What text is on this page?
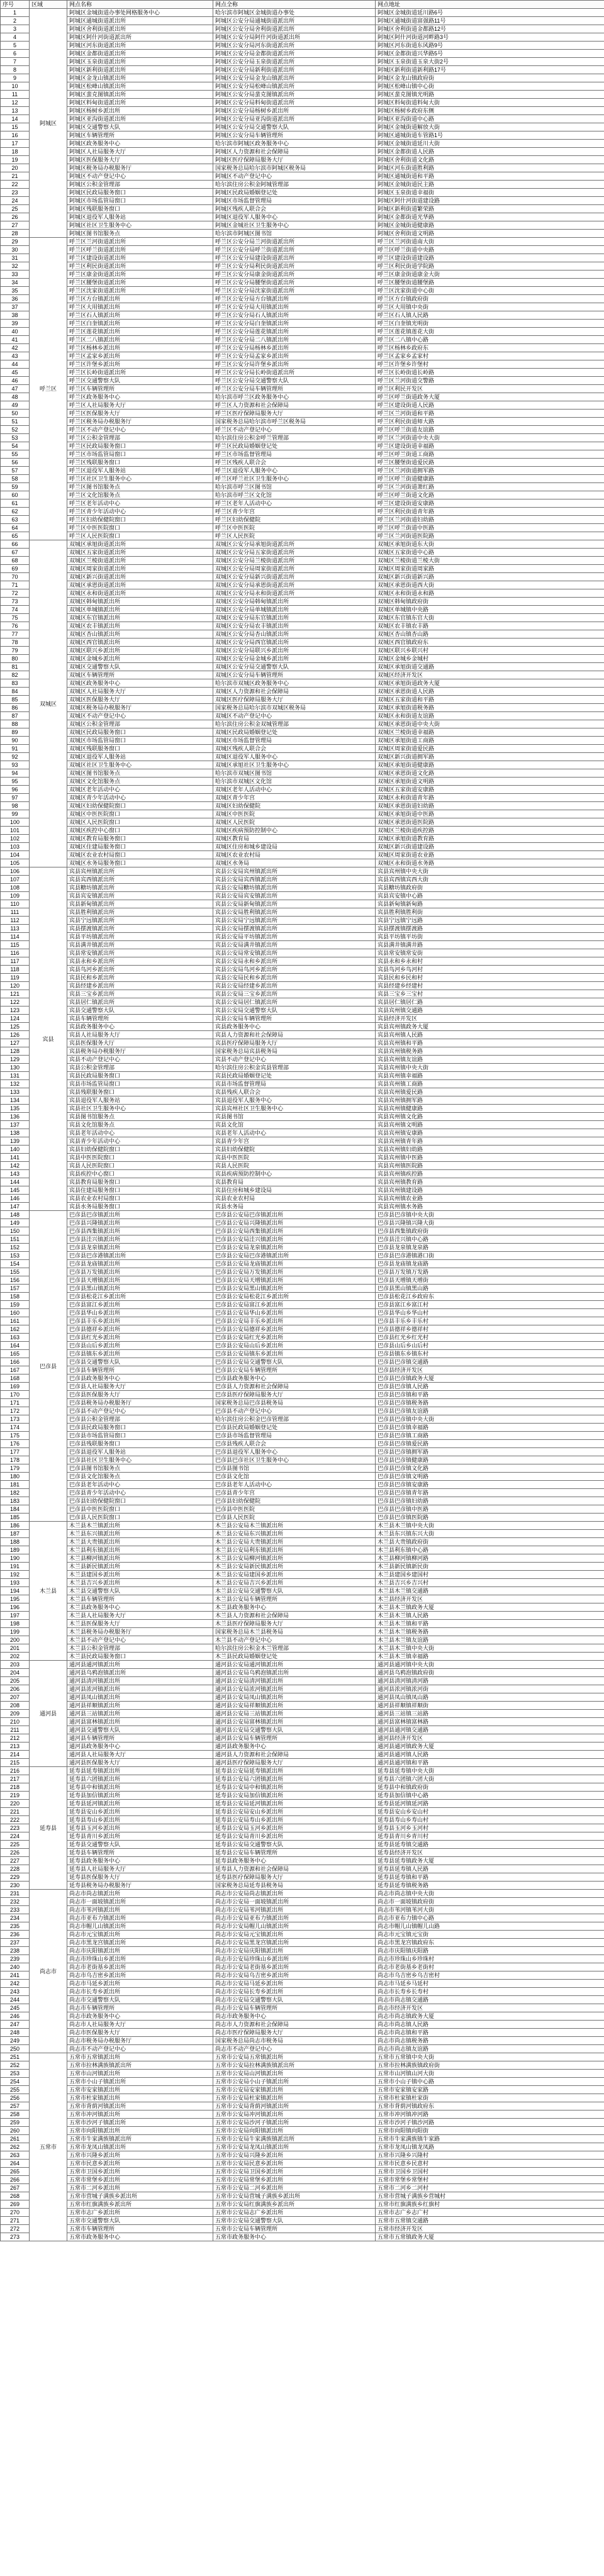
序号	区域	网点名称	网点全称	网点地址
1	阿城区	阿城区金城街道办事处网格服务中心	哈尔滨市阿城区金城街道办事处	阿城区金城街道延川路6号
2		阿城区通城街道派出所	阿城区公安分局通城街道派出所	阿城区通城街道富强路11号
3		阿城区舍利街道派出所	阿城区公安分局舍利街道派出所	阿城区舍利街道金都路12号
4		阿城区阿什河街道派出所	阿城区公安分局阿什河街道派出所	阿城区阿什河街道河畔路3号
5		阿城区河东街道派出所	阿城区公安分局河东街道派出所	阿城区河东街道东风路9号
6		阿城区金都街道派出所	阿城区公安分局金都街道派出所	阿城区金都街道兴华路5号
7		阿城区玉泉街道派出所	阿城区公安分局玉泉街道派出所	阿城区玉泉街道玉泉大街2号
8		阿城区新利街道派出所	阿城区公安分局新利街道派出所	阿城区新利街道新利路17号
9		阿城区金龙山镇派出所	阿城区公安分局金龙山镇派出所	阿城区金龙山镇政府街
10		阿城区松峰山镇派出所	阿城区公安分局松峰山镇派出所	阿城区松峰山镇中心街
11		阿城区蜚克图镇派出所	阿城区公安分局蜚克图镇派出所	阿城区蜚克图镇光明路
12		阿城区料甸街道派出所	阿城区公安分局料甸街道派出所	阿城区料甸街道料甸大街
13		阿城区杨树乡派出所	阿城区公安分局杨树乡派出所	阿城区杨树乡政府东侧
14		阿城区亚沟街道派出所	阿城区公安分局亚沟街道派出所	阿城区亚沟街道中心路
15		阿城区交通警察大队	阿城区公安分局交通警察大队	阿城区金城街道解放大街
16		阿城区车辆管理所	阿城区公安分局车辆管理所	阿城区通城街道车管路1号
17		阿城区政务服务中心	哈尔滨市阿城区政务服务中心	阿城区金城街道延川大街
18		阿城区人社局服务大厅	阿城区人力资源和社会保障局	阿城区金都街道人民路
19		阿城区医保服务大厅	阿城区医疗保障局服务大厅	阿城区舍利街道文化路
20		阿城区税务局办税服务厅	国家税务总局哈尔滨市阿城区税务局	阿城区河东街道胜利路
21		阿城区不动产登记中心	阿城区不动产登记中心	阿城区通城街道和平路
22		阿城区公积金管理部	哈尔滨住房公积金阿城管理部	阿城区金城街道民主路
23		阿城区民政局服务窗口	阿城区民政局婚姻登记处	阿城区玉泉街道幸福街
24		阿城区市场监管局窗口	阿城区市场监督管理局	阿城区阿什河街道建设路
25		阿城区残联服务窗口	阿城区残疾人联合会	阿城区新利街道繁荣路
26		阿城区退役军人服务站	阿城区退役军人服务中心	阿城区金都街道光华路
27		阿城区社区卫生服务中心	阿城区金城社区卫生服务中心	阿城区金城街道健康路
28		阿城区图书馆服务点	哈尔滨市阿城区图书馆	阿城区舍利街道文明路
29	呼兰区	呼兰区兰河街道派出所	呼兰区公安分局兰河街道派出所	呼兰区兰河街道南大街
30		呼兰区呼兰街道派出所	呼兰区公安分局呼兰街道派出所	呼兰区呼兰街道中央路
31		呼兰区建设街道派出所	呼兰区公安分局建设街道派出所	呼兰区建设街道建设路
32		呼兰区利民街道派出所	呼兰区公安分局利民街道派出所	呼兰区利民街道学院路
33		呼兰区康金街道派出所	呼兰区公安分局康金街道派出所	呼兰区康金街道康金大街
34		呼兰区腰堡街道派出所	呼兰区公安分局腰堡街道派出所	呼兰区腰堡街道腰堡路
35		呼兰区沈家街道派出所	呼兰区公安分局沈家街道派出所	呼兰区沈家街道中心街
36		呼兰区方台镇派出所	呼兰区公安分局方台镇派出所	呼兰区方台镇政府街
37		呼兰区大用镇派出所	呼兰区公安分局大用镇派出所	呼兰区大用镇中央街
38		呼兰区石人镇派出所	呼兰区公安分局石人镇派出所	呼兰区石人镇人民路
39		呼兰区白奎镇派出所	呼兰区公安分局白奎镇派出所	呼兰区白奎镇光明街
40		呼兰区莲花镇派出所	呼兰区公安分局莲花镇派出所	呼兰区莲花镇莲花大街
41		呼兰区二八镇派出所	呼兰区公安分局二八镇派出所	呼兰区二八镇中心路
42		呼兰区杨林乡派出所	呼兰区公安分局杨林乡派出所	呼兰区杨林乡政府东
43		呼兰区孟家乡派出所	呼兰区公安分局孟家乡派出所	呼兰区孟家乡孟家村
44		呼兰区许堡乡派出所	呼兰区公安分局许堡乡派出所	呼兰区许堡乡许堡村
45		呼兰区长岭街道派出所	呼兰区公安分局长岭街道派出所	呼兰区长岭街道长岭路
46		呼兰区交通警察大队	呼兰区公安分局交通警察大队	呼兰区兰河街道交警路
47		呼兰区车辆管理所	呼兰区公安分局车辆管理所	呼兰区利民开发区
48		呼兰区政务服务中心	哈尔滨市呼兰区政务服务中心	呼兰区呼兰街道政务大厦
49		呼兰区人社局服务大厅	呼兰区人力资源和社会保障局	呼兰区建设街道人民路
50		呼兰区医保服务大厅	呼兰区医疗保障局服务大厅	呼兰区兰河街道和平路
51		呼兰区税务局办税服务厅	国家税务总局哈尔滨市呼兰区税务局	呼兰区利民街道师大路
52		呼兰区不动产登记中心	呼兰区不动产登记中心	呼兰区呼兰街道友谊路
53		呼兰区公积金管理部	哈尔滨住房公积金呼兰管理部	呼兰区兰河街道中央大街
54		呼兰区民政局服务窗口	呼兰区民政局婚姻登记处	呼兰区建设街道幸福路
55		呼兰区市场监管局窗口	呼兰区市场监督管理局	呼兰区呼兰街道工商路
56		呼兰区残联服务窗口	呼兰区残疾人联合会	呼兰区腰堡街道爱民路
57		呼兰区退役军人服务站	呼兰区退役军人服务中心	呼兰区兰河街道拥军路
58		呼兰区社区卫生服务中心	呼兰区呼兰社区卫生服务中心	呼兰区呼兰街道健康路
59		呼兰区图书馆服务点	哈尔滨市呼兰区图书馆	呼兰区兰河街道萧红路
60		呼兰区文化馆服务点	哈尔滨市呼兰区文化馆	呼兰区呼兰街道文化路
61		呼兰区老年活动中心	呼兰区老年人活动中心	呼兰区建设街道安康路
62		呼兰区青少年活动中心	呼兰区青少年宫	呼兰区利民街道青年路
63		呼兰区妇幼保健院窗口	呼兰区妇幼保健院	呼兰区兰河街道妇幼路
64		呼兰区中医医院窗口	呼兰区中医医院	呼兰区呼兰街道中医路
65		呼兰区人民医院窗口	呼兰区人民医院	呼兰区兰河街道医院路
66	双城区	双城区承旭街道派出所	双城区公安分局承旭街道派出所	双城区承旭街道东大街
67		双城区五家街道派出所	双城区公安分局五家街道派出所	双城区五家街道中心路
68		双城区兰棱街道派出所	双城区公安分局兰棱街道派出所	双城区兰棱街道兰棱大街
69		双城区周家街道派出所	双城区公安分局周家街道派出所	双城区周家街道周家路
70		双城区新兴街道派出所	双城区公安分局新兴街道派出所	双城区新兴街道新兴路
71		双城区承恩街道派出所	双城区公安分局承恩街道派出所	双城区承恩街道西大街
72		双城区永和街道派出所	双城区公安分局永和街道派出所	双城区永和街道永和路
73		双城区韩甸镇派出所	双城区公安分局韩甸镇派出所	双城区韩甸镇政府街
74		双城区单城镇派出所	双城区公安分局单城镇派出所	双城区单城镇中央路
75		双城区东官镇派出所	双城区公安分局东官镇派出所	双城区东官镇东官大街
76		双城区农丰镇派出所	双城区公安分局农丰镇派出所	双城区农丰镇农丰路
77		双城区杏山镇派出所	双城区公安分局杏山镇派出所	双城区杏山镇杏山路
78		双城区西官镇派出所	双城区公安分局西官镇派出所	双城区西官镇政府东
79		双城区联兴乡派出所	双城区公安分局联兴乡派出所	双城区联兴乡联兴村
80		双城区金城乡派出所	双城区公安分局金城乡派出所	双城区金城乡金城村
81		双城区交通警察大队	双城区公安分局交通警察大队	双城区承旭街道交通路
82		双城区车辆管理所	双城区公安分局车辆管理所	双城区经济开发区
83		双城区政务服务中心	哈尔滨市双城区政务服务中心	双城区承旭街道政务大厦
84		双城区人社局服务大厅	双城区人力资源和社会保障局	双城区承恩街道人民路
85		双城区医保服务大厅	双城区医疗保障局服务大厅	双城区五家街道和平路
86		双城区税务局办税服务厅	国家税务总局哈尔滨市双城区税务局	双城区承旭街道税务路
87		双城区不动产登记中心	双城区不动产登记中心	双城区永和街道友谊路
88		双城区公积金管理部	哈尔滨住房公积金双城管理部	双城区承恩街道中央大街
89		双城区民政局服务窗口	双城区民政局婚姻登记处	双城区兰棱街道幸福路
90		双城区市场监管局窗口	双城区市场监督管理局	双城区承旭街道工商路
91		双城区残联服务窗口	双城区残疾人联合会	双城区周家街道爱民路
92		双城区退役军人服务站	双城区退役军人服务中心	双城区新兴街道拥军路
93		双城区社区卫生服务中心	双城区承旭社区卫生服务中心	双城区承旭街道健康路
94		双城区图书馆服务点	哈尔滨市双城区图书馆	双城区承恩街道文化路
95		双城区文化馆服务点	哈尔滨市双城区文化馆	双城区承旭街道文明路
96		双城区老年活动中心	双城区老年人活动中心	双城区五家街道安康路
97		双城区青少年活动中心	双城区青少年宫	双城区永和街道青年路
98		双城区妇幼保健院窗口	双城区妇幼保健院	双城区承恩街道妇幼路
99		双城区中医医院窗口	双城区中医医院	双城区承旭街道中医路
100		双城区人民医院窗口	双城区人民医院	双城区承恩街道医院路
101		双城区疾控中心窗口	双城区疾病预防控制中心	双城区兰棱街道疾控路
102		双城区教育局服务窗口	双城区教育局	双城区承旭街道教育路
103		双城区住建局服务窗口	双城区住房和城乡建设局	双城区新兴街道建设路
104		双城区农业农村局窗口	双城区农业农村局	双城区周家街道农业路
105		双城区水务局服务窗口	双城区水务局	双城区永和街道水务路
106	宾县	宾县宾州镇派出所	宾县公安局宾州镇派出所	宾县宾州镇中央大街
107		宾县宾西镇派出所	宾县公安局宾西镇派出所	宾县宾西镇宾西大街
108		宾县糖坊镇派出所	宾县公安局糖坊镇派出所	宾县糖坊镇政府街
109		宾县宾安镇派出所	宾县公安局宾安镇派出所	宾县宾安镇中心路
110		宾县新甸镇派出所	宾县公安局新甸镇派出所	宾县新甸镇新甸路
111		宾县胜利镇派出所	宾县公安局胜利镇派出所	宾县胜利镇胜利街
112		宾县宁远镇派出所	宾县公安局宁远镇派出所	宾县宁远镇宁远路
113		宾县摆渡镇派出所	宾县公安局摆渡镇派出所	宾县摆渡镇摆渡路
114		宾县平坊镇派出所	宾县公安局平坊镇派出所	宾县平坊镇平坊街
115		宾县满井镇派出所	宾县公安局满井镇派出所	宾县满井镇满井路
116		宾县常安镇派出所	宾县公安局常安镇派出所	宾县常安镇常安街
117		宾县永和乡派出所	宾县公安局永和乡派出所	宾县永和乡永和村
118		宾县鸟河乡派出所	宾县公安局鸟河乡派出所	宾县鸟河乡鸟河村
119		宾县民和乡派出所	宾县公安局民和乡派出所	宾县民和乡民和村
120		宾县经建乡派出所	宾县公安局经建乡派出所	宾县经建乡经建村
121		宾县三宝乡派出所	宾县公安局三宝乡派出所	宾县三宝乡三宝村
122		宾县居仁镇派出所	宾县公安局居仁镇派出所	宾县居仁镇居仁路
123		宾县交通警察大队	宾县公安局交通警察大队	宾县宾州镇交通路
124		宾县车辆管理所	宾县公安局车辆管理所	宾县经济开发区
125		宾县政务服务中心	宾县政务服务中心	宾县宾州镇政务大厦
126		宾县人社局服务大厅	宾县人力资源和社会保障局	宾县宾州镇人民路
127		宾县医保服务大厅	宾县医疗保障局服务大厅	宾县宾州镇和平路
128		宾县税务局办税服务厅	国家税务总局宾县税务局	宾县宾州镇税务路
129		宾县不动产登记中心	宾县不动产登记中心	宾县宾州镇友谊路
130		宾县公积金管理部	哈尔滨住房公积金宾县管理部	宾县宾州镇中央大街
131		宾县民政局服务窗口	宾县民政局婚姻登记处	宾县宾州镇幸福路
132		宾县市场监管局窗口	宾县市场监督管理局	宾县宾州镇工商路
133		宾县残联服务窗口	宾县残疾人联合会	宾县宾州镇爱民路
134		宾县退役军人服务站	宾县退役军人服务中心	宾县宾州镇拥军路
135		宾县社区卫生服务中心	宾县宾州社区卫生服务中心	宾县宾州镇健康路
136		宾县图书馆服务点	宾县图书馆	宾县宾州镇文化路
137		宾县文化馆服务点	宾县文化馆	宾县宾州镇文明路
138		宾县老年活动中心	宾县老年人活动中心	宾县宾州镇安康路
139		宾县青少年活动中心	宾县青少年宫	宾县宾州镇青年路
140		宾县妇幼保健院窗口	宾县妇幼保健院	宾县宾州镇妇幼路
141		宾县中医医院窗口	宾县中医医院	宾县宾州镇中医路
142		宾县人民医院窗口	宾县人民医院	宾县宾州镇医院路
143		宾县疾控中心窗口	宾县疾病预防控制中心	宾县宾州镇疾控路
144		宾县教育局服务窗口	宾县教育局	宾县宾州镇教育路
145		宾县住建局服务窗口	宾县住房和城乡建设局	宾县宾州镇建设路
146		宾县农业农村局窗口	宾县农业农村局	宾县宾州镇农业路
147		宾县水务局服务窗口	宾县水务局	宾县宾州镇水务路
148	巴彦县	巴彦县巴彦镇派出所	巴彦县公安局巴彦镇派出所	巴彦县巴彦镇中央大街
149		巴彦县兴隆镇派出所	巴彦县公安局兴隆镇派出所	巴彦县兴隆镇兴隆大街
150		巴彦县西集镇派出所	巴彦县公安局西集镇派出所	巴彦县西集镇政府街
151		巴彦县洼兴镇派出所	巴彦县公安局洼兴镇派出所	巴彦县洼兴镇中心路
152		巴彦县龙泉镇派出所	巴彦县公安局龙泉镇派出所	巴彦县龙泉镇龙泉路
153		巴彦县巴彦港镇派出所	巴彦县公安局巴彦港镇派出所	巴彦县巴彦港镇港口街
154		巴彦县龙庙镇派出所	巴彦县公安局龙庙镇派出所	巴彦县龙庙镇龙庙路
155		巴彦县万发镇派出所	巴彦县公安局万发镇派出所	巴彦县万发镇万发路
156		巴彦县天增镇派出所	巴彦县公安局天增镇派出所	巴彦县天增镇天增街
157		巴彦县黑山镇派出所	巴彦县公安局黑山镇派出所	巴彦县黑山镇黑山路
158		巴彦县松花江乡派出所	巴彦县公安局松花江乡派出所	巴彦县松花江乡政府东
159		巴彦县富江乡派出所	巴彦县公安局富江乡派出所	巴彦县富江乡富江村
160		巴彦县华山乡派出所	巴彦县公安局华山乡派出所	巴彦县华山乡华山村
161		巴彦县丰乐乡派出所	巴彦县公安局丰乐乡派出所	巴彦县丰乐乡丰乐村
162		巴彦县德祥乡派出所	巴彦县公安局德祥乡派出所	巴彦县德祥乡德祥村
163		巴彦县红光乡派出所	巴彦县公安局红光乡派出所	巴彦县红光乡红光村
164		巴彦县山后乡派出所	巴彦县公安局山后乡派出所	巴彦县山后乡山后村
165		巴彦县镇东乡派出所	巴彦县公安局镇东乡派出所	巴彦县镇东乡镇东村
166		巴彦县交通警察大队	巴彦县公安局交通警察大队	巴彦县巴彦镇交通路
167		巴彦县车辆管理所	巴彦县公安局车辆管理所	巴彦县经济开发区
168		巴彦县政务服务中心	巴彦县政务服务中心	巴彦县巴彦镇政务大厦
169		巴彦县人社局服务大厅	巴彦县人力资源和社会保障局	巴彦县巴彦镇人民路
170		巴彦县医保服务大厅	巴彦县医疗保障局服务大厅	巴彦县巴彦镇和平路
171		巴彦县税务局办税服务厅	国家税务总局巴彦县税务局	巴彦县巴彦镇税务路
172		巴彦县不动产登记中心	巴彦县不动产登记中心	巴彦县巴彦镇友谊路
173		巴彦县公积金管理部	哈尔滨住房公积金巴彦管理部	巴彦县巴彦镇中央大街
174		巴彦县民政局服务窗口	巴彦县民政局婚姻登记处	巴彦县巴彦镇幸福路
175		巴彦县市场监管局窗口	巴彦县市场监督管理局	巴彦县巴彦镇工商路
176		巴彦县残联服务窗口	巴彦县残疾人联合会	巴彦县巴彦镇爱民路
177		巴彦县退役军人服务站	巴彦县退役军人服务中心	巴彦县巴彦镇拥军路
178		巴彦县社区卫生服务中心	巴彦县巴彦社区卫生服务中心	巴彦县巴彦镇健康路
179		巴彦县图书馆服务点	巴彦县图书馆	巴彦县巴彦镇文化路
180		巴彦县文化馆服务点	巴彦县文化馆	巴彦县巴彦镇文明路
181		巴彦县老年活动中心	巴彦县老年人活动中心	巴彦县巴彦镇安康路
182		巴彦县青少年活动中心	巴彦县青少年宫	巴彦县巴彦镇青年路
183		巴彦县妇幼保健院窗口	巴彦县妇幼保健院	巴彦县巴彦镇妇幼路
184		巴彦县中医医院窗口	巴彦县中医医院	巴彦县巴彦镇中医路
185		巴彦县人民医院窗口	巴彦县人民医院	巴彦县巴彦镇医院路
186	木兰县	木兰县木兰镇派出所	木兰县公安局木兰镇派出所	木兰县木兰镇中央大街
187		木兰县东兴镇派出所	木兰县公安局东兴镇派出所	木兰县东兴镇东兴大街
188		木兰县大贵镇派出所	木兰县公安局大贵镇派出所	木兰县大贵镇政府街
189		木兰县利东镇派出所	木兰县公安局利东镇派出所	木兰县利东镇中心路
190		木兰县柳河镇派出所	木兰县公安局柳河镇派出所	木兰县柳河镇柳河路
191		木兰县新民镇派出所	木兰县公安局新民镇派出所	木兰县新民镇新民街
192		木兰县建国乡派出所	木兰县公安局建国乡派出所	木兰县建国乡建国村
193		木兰县吉兴乡派出所	木兰县公安局吉兴乡派出所	木兰县吉兴乡吉兴村
194		木兰县交通警察大队	木兰县公安局交通警察大队	木兰县木兰镇交通路
195		木兰县车辆管理所	木兰县公安局车辆管理所	木兰县经济开发区
196		木兰县政务服务中心	木兰县政务服务中心	木兰县木兰镇政务大厦
197		木兰县人社局服务大厅	木兰县人力资源和社会保障局	木兰县木兰镇人民路
198		木兰县医保服务大厅	木兰县医疗保障局服务大厅	木兰县木兰镇和平路
199		木兰县税务局办税服务厅	国家税务总局木兰县税务局	木兰县木兰镇税务路
200		木兰县不动产登记中心	木兰县不动产登记中心	木兰县木兰镇友谊路
201		木兰县公积金管理部	哈尔滨住房公积金木兰管理部	木兰县木兰镇中央大街
202		木兰县民政局服务窗口	木兰县民政局婚姻登记处	木兰县木兰镇幸福路
203	通河县	通河县通河镇派出所	通河县公安局通河镇派出所	通河县通河镇中央大街
204		通河县乌鸦泡镇派出所	通河县公安局乌鸦泡镇派出所	通河县乌鸦泡镇政府街
205		通河县清河镇派出所	通河县公安局清河镇派出所	通河县清河镇清河路
206		通河县浓河镇派出所	通河县公安局浓河镇派出所	通河县浓河镇浓河街
207		通河县凤山镇派出所	通河县公安局凤山镇派出所	通河县凤山镇凤山路
208		通河县祥顺镇派出所	通河县公安局祥顺镇派出所	通河县祥顺镇祥顺街
209		通河县三站镇派出所	通河县公安局三站镇派出所	通河县三站镇三站路
210		通河县富林镇派出所	通河县公安局富林镇派出所	通河县富林镇富林路
211		通河县交通警察大队	通河县公安局交通警察大队	通河县通河镇交通路
212		通河县车辆管理所	通河县公安局车辆管理所	通河县经济开发区
213		通河县政务服务中心	通河县政务服务中心	通河县通河镇政务大厦
214		通河县人社局服务大厅	通河县人力资源和社会保障局	通河县通河镇人民路
215		通河县医保服务大厅	通河县医疗保障局服务大厅	通河县通河镇和平路
216	延寿县	延寿县延寿镇派出所	延寿县公安局延寿镇派出所	延寿县延寿镇中央大街
217		延寿县六团镇派出所	延寿县公安局六团镇派出所	延寿县六团镇六团大街
218		延寿县中和镇派出所	延寿县公安局中和镇派出所	延寿县中和镇政府街
219		延寿县加信镇派出所	延寿县公安局加信镇派出所	延寿县加信镇中心路
220		延寿县延河镇派出所	延寿县公安局延河镇派出所	延寿县延河镇延河路
221		延寿县安山乡派出所	延寿县公安局安山乡派出所	延寿县安山乡安山村
222		延寿县寿山乡派出所	延寿县公安局寿山乡派出所	延寿县寿山乡寿山村
223		延寿县玉河乡派出所	延寿县公安局玉河乡派出所	延寿县玉河乡玉河村
224		延寿县青川乡派出所	延寿县公安局青川乡派出所	延寿县青川乡青川村
225		延寿县交通警察大队	延寿县公安局交通警察大队	延寿县延寿镇交通路
226		延寿县车辆管理所	延寿县公安局车辆管理所	延寿县经济开发区
227		延寿县政务服务中心	延寿县政务服务中心	延寿县延寿镇政务大厦
228		延寿县人社局服务大厅	延寿县人力资源和社会保障局	延寿县延寿镇人民路
229		延寿县医保服务大厅	延寿县医疗保障局服务大厅	延寿县延寿镇和平路
230		延寿县税务局办税服务厅	国家税务总局延寿县税务局	延寿县延寿镇税务路
231	尚志市	尚志市尚志镇派出所	尚志市公安局尚志镇派出所	尚志市尚志镇中央大街
232		尚志市一面坡镇派出所	尚志市公安局一面坡镇派出所	尚志市一面坡镇政府街
233		尚志市苇河镇派出所	尚志市公安局苇河镇派出所	尚志市苇河镇苇河大街
234		尚志市亚布力镇派出所	尚志市公安局亚布力镇派出所	尚志市亚布力镇中心路
235		尚志市帽儿山镇派出所	尚志市公安局帽儿山镇派出所	尚志市帽儿山镇帽儿山路
236		尚志市元宝镇派出所	尚志市公安局元宝镇派出所	尚志市元宝镇元宝街
237		尚志市黑龙宫镇派出所	尚志市公安局黑龙宫镇派出所	尚志市黑龙宫镇政府东
238		尚志市庆阳镇派出所	尚志市公安局庆阳镇派出所	尚志市庆阳镇庆阳路
239		尚志市珍珠山乡派出所	尚志市公安局珍珠山乡派出所	尚志市珍珠山乡珍珠村
240		尚志市老街基乡派出所	尚志市公安局老街基乡派出所	尚志市老街基乡老街村
241		尚志市乌吉密乡派出所	尚志市公安局乌吉密乡派出所	尚志市乌吉密乡乌吉密村
242		尚志市马延乡派出所	尚志市公安局马延乡派出所	尚志市马延乡马延村
243		尚志市长寿乡派出所	尚志市公安局长寿乡派出所	尚志市长寿乡长寿村
244		尚志市交通警察大队	尚志市公安局交通警察大队	尚志市尚志镇交通路
245		尚志市车辆管理所	尚志市公安局车辆管理所	尚志市经济开发区
246		尚志市政务服务中心	尚志市政务服务中心	尚志市尚志镇政务大厦
247		尚志市人社局服务大厅	尚志市人力资源和社会保障局	尚志市尚志镇人民路
248		尚志市医保服务大厅	尚志市医疗保障局服务大厅	尚志市尚志镇和平路
249		尚志市税务局办税服务厅	国家税务总局尚志市税务局	尚志市尚志镇税务路
250		尚志市不动产登记中心	尚志市不动产登记中心	尚志市尚志镇友谊路
251	五常市	五常市五常镇派出所	五常市公安局五常镇派出所	五常市五常镇中央大街
252		五常市拉林满族镇派出所	五常市公安局拉林满族镇派出所	五常市拉林满族镇政府街
253		五常市山河镇派出所	五常市公安局山河镇派出所	五常市山河镇山河大街
254		五常市小山子镇派出所	五常市公安局小山子镇派出所	五常市小山子镇中心路
255		五常市安家镇派出所	五常市公安局安家镇派出所	五常市安家镇安家路
256		五常市杜家镇派出所	五常市公安局杜家镇派出所	五常市杜家镇杜家街
257		五常市背荫河镇派出所	五常市公安局背荫河镇派出所	五常市背荫河镇政府东
258		五常市冲河镇派出所	五常市公安局冲河镇派出所	五常市冲河镇冲河路
259		五常市沙河子镇派出所	五常市公安局沙河子镇派出所	五常市沙河子镇沙河路
260		五常市向阳镇派出所	五常市公安局向阳镇派出所	五常市向阳镇向阳街
261		五常市牛家满族镇派出所	五常市公安局牛家满族镇派出所	五常市牛家满族镇牛家路
262		五常市龙凤山镇派出所	五常市公安局龙凤山镇派出所	五常市龙凤山镇龙凤路
263		五常市兴隆乡派出所	五常市公安局兴隆乡派出所	五常市兴隆乡兴隆村
264		五常市民意乡派出所	五常市公安局民意乡派出所	五常市民意乡民意村
265		五常市卫国乡派出所	五常市公安局卫国乡派出所	五常市卫国乡卫国村
266		五常市常堡乡派出所	五常市公安局常堡乡派出所	五常市常堡乡常堡村
267		五常市二河乡派出所	五常市公安局二河乡派出所	五常市二河乡二河村
268		五常市营城子满族乡派出所	五常市公安局营城子满族乡派出所	五常市营城子满族乡营城村
269		五常市红旗满族乡派出所	五常市公安局红旗满族乡派出所	五常市红旗满族乡红旗村
270		五常市志广乡派出所	五常市公安局志广乡派出所	五常市志广乡志广村
271		五常市交通警察大队	五常市公安局交通警察大队	五常市五常镇交通路
272		五常市车辆管理所	五常市公安局车辆管理所	五常市经济开发区
273		五常市政务服务中心	五常市政务服务中心	五常市五常镇政务大厦
